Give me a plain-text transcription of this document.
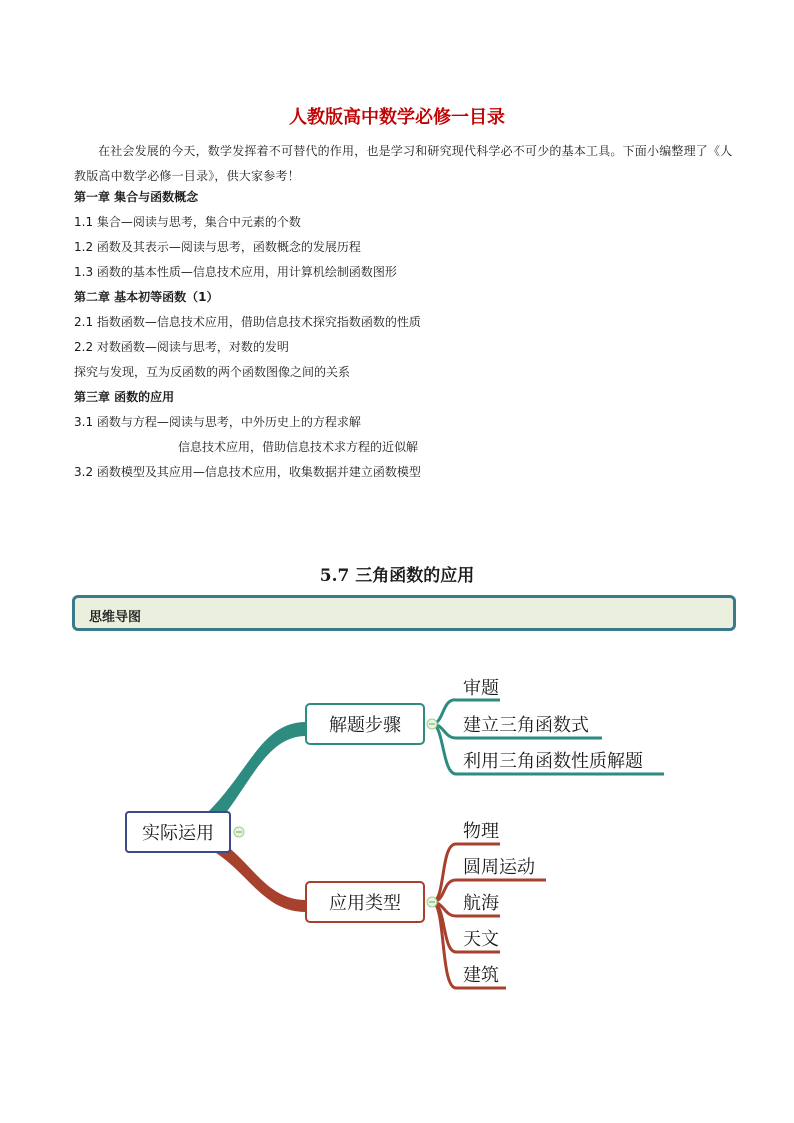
人教版高中数学必修一目录
在社会发展的今天，数学发挥着不可替代的作用，也是学习和研究现代科学必不可少的基本工具。下面小编整理了《人教版高中数学必修一目录》，供大家参考！
第一章 集合与函数概念
1.1 集合—阅读与思考，集合中元素的个数
1.2 函数及其表示—阅读与思考，函数概念的发展历程
1.3 函数的基本性质—信息技术应用，用计算机绘制函数图形
第二章 基本初等函数（1）
2.1 指数函数—信息技术应用，借助信息技术探究指数函数的性质
2.2 对数函数—阅读与思考，对数的发明
探究与发现，互为反函数的两个函数图像之间的关系
第三章 函数的应用
3.1 函数与方程—阅读与思考，中外历史上的方程求解
信息技术应用，借助信息技术求方程的近似解
3.2 函数模型及其应用—信息技术应用，收集数据并建立函数模型
5.7 三角函数的应用
思维导图
实际运用
解题步骤
应用类型
审题
建立三角函数式
利用三角函数性质解题
物理
圆周运动
航海
天文
建筑
